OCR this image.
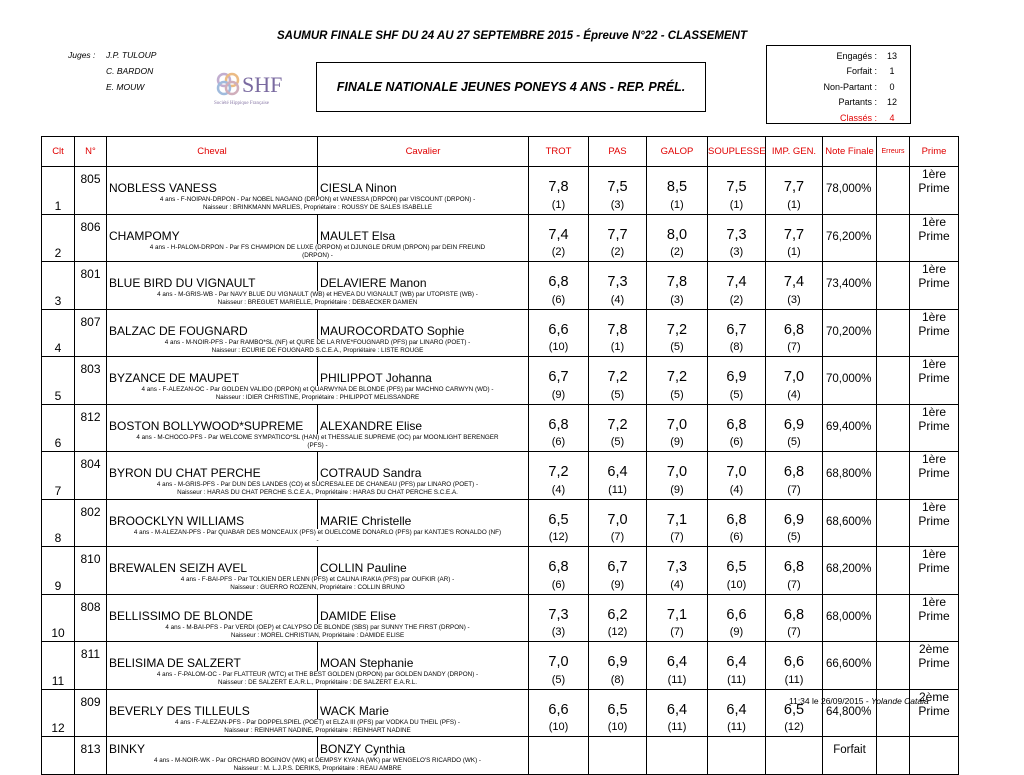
SAUMUR FINALE SHF DU 24 AU 27 SEPTEMBRE 2015 - Épreuve N°22 - CLASSEMENT
Juges : J.P. TULOUP
C. BARDON
E. MOUW	SHF
Société Hippique Française
FINALE NATIONALE JEUNES PONEYS 4 ANS - REP. PRÉL.
Engagés :	13
Forfait :	1
Non-Partant :	0
Partants :	12
Classés :	4
Clt	N°	Cheval	Cavalier	TROT	PAS	GALOP	SOUPLESSE	IMP. GEN.	Note Finale	Erreurs	Prime
1	805	NOBLESS VANESS	CIESLA Ninon	7,8	7,5	8,5	7,5	7,7	78,000%		1ère Prime

		4 ans - F-NOIPAN-DRPON - Par NOBEL NAGANO (DRPON) et VANESSA (DRPON) par VISCOUNT (DRPON) -
Naisseur : BRINKMANN MARLIES, Propriétaire : ROUSSY DE SALES ISABELLE		(1)	(3)	(1)	(1)	(1)			
2	806	CHAMPOMY	MAULET Elsa	7,4	7,7	8,0	7,3	7,7	76,200%		1ère Prime

		4 ans - H-PALOM-DRPON - Par FS CHAMPION DE LUXE (DRPON) et DJUNGLE DRUM (DRPON) par DEIN FREUND
(DRPON) -		(2)	(2)	(2)	(3)	(1)			
3	801	BLUE BIRD DU VIGNAULT	DELAVIERE Manon	6,8	7,3	7,8	7,4	7,4	73,400%		1ère Prime

		4 ans - M-GRIS-WB - Par NAVY BLUE DU VIGNAULT (WB) et HEVEA DU VIGNAULT (WB) par UTOPISTE (WB) -
Naisseur : BREGUET MARIELLE, Propriétaire : DEBAECKER DAMIEN		(6)	(4)	(3)	(2)	(3)			
4	807	BALZAC DE FOUGNARD	MAUROCORDATO Sophie	6,6	7,8	7,2	6,7	6,8	70,200%		1ère Prime

		4 ans - M-NOIR-PFS - Par RAMBO*SL (NF) et QURE DE LA RIVE*FOUGNARD (PFS) par LINARO (POET) -
Naisseur : ECURIE DE FOUGNARD S.C.E.A., Propriétaire : LISTE ROUGE		(10)	(1)	(5)	(8)	(7)			
5	803	BYZANCE DE MAUPET	PHILIPPOT Johanna	6,7	7,2	7,2	6,9	7,0	70,000%		1ère Prime

		4 ans - F-ALEZAN-OC - Par GOLDEN VALIDO (DRPON) et QUARWYNA DE BLONDE (PFS) par MACHNO CARWYN (WD) -
Naisseur : IDIER CHRISTINE, Propriétaire : PHILIPPOT MELISSANDRE		(9)	(5)	(5)	(5)	(4)			
6	812	BOSTON BOLLYWOOD*SUPREME	ALEXANDRE Elise	6,8	7,2	7,0	6,8	6,9	69,400%		1ère Prime

		4 ans - M-CHOCO-PFS - Par WELCOME SYMPATICO*SL (HAN) et THESSALIE SUPREME (OC) par MOONLIGHT BERENGER
(PFS) -		(6)	(5)	(9)	(6)	(5)			
7	804	BYRON DU CHAT PERCHE	COTRAUD Sandra	7,2	6,4	7,0	7,0	6,8	68,800%		1ère Prime

		4 ans - M-GRIS-PFS - Par DUN DES LANDES (CO) et SUCRESALEE DE CHANEAU (PFS) par LINARO (POET) -
Naisseur : HARAS DU CHAT PERCHE S.C.E.A., Propriétaire : HARAS DU CHAT PERCHE S.C.E.A.		(4)	(11)	(9)	(4)	(7)			
8	802	BROOCKLYN WILLIAMS	MARIE Christelle	6,5	7,0	7,1	6,8	6,9	68,600%		1ère Prime

		4 ans - M-ALEZAN-PFS - Par QUABAR DES MONCEAUX (PFS) et OUELCOME DONARLO (PFS) par KANTJE'S RONALDO (NF)
-		(12)	(7)	(7)	(6)	(5)			
9	810	BREWALEN SEIZH AVEL	COLLIN Pauline	6,8	6,7	7,3	6,5	6,8	68,200%		1ère Prime

		4 ans - F-BAI-PFS - Par TOLKIEN DER LENN (PFS) et CALINA IRAKIA (PFS) par OUFKIR (AR) -
Naisseur : GUERRO ROZENN, Propriétaire : COLLIN BRUNO		(6)	(9)	(4)	(10)	(7)			
10	808	BELLISSIMO DE BLONDE	DAMIDE Elise	7,3	6,2	7,1	6,6	6,8	68,000%		1ère Prime

		4 ans - M-BAI-PFS - Par VERDI (OEP) et CALYPSO DE BLONDE (SBS) par SUNNY THE FIRST (DRPON) -
Naisseur : MOREL CHRISTIAN, Propriétaire : DAMIDE ELISE		(3)	(12)	(7)	(9)	(7)			
11	811	BELISIMA DE SALZERT	MOAN Stephanie	7,0	6,9	6,4	6,4	6,6	66,600%		2ème Prime

		4 ans - F-PALOM-OC - Par FLATTEUR (WTC) et THE BEST GOLDEN (DRPON) par GOLDEN DANDY (DRPON) -
Naisseur : DE SALZERT E.A.R.L., Propriétaire : DE SALZERT E.A.R.L.		(5)	(8)	(11)	(11)	(11)			
12	809	BEVERLY DES TILLEULS	WACK Marie	6,6	6,5	6,4	6,4	6,5	64,800%		2ème Prime

		4 ans - F-ALEZAN-PFS - Par DOPPELSPIEL (POET) et ELZA III (PFS) par VODKA DU THEIL (PFS) -
Naisseur : REINHART NADINE, Propriétaire : REINHART NADINE		(10)	(10)	(11)	(11)	(12)			
	813	BINKY	BONZY Cynthia						Forfait		

		4 ans - M-NOIR-WK - Par ORCHARD BOGINOV (WK) et DEMPSY KYANA (WK) par WENGELO'S RICARDO (WK) -
Naisseur : M. L.J.P.S. DERIKS, Propriétaire : REAU AMBRE									

11:34 le 26/09/2015 - Yolande Catala
